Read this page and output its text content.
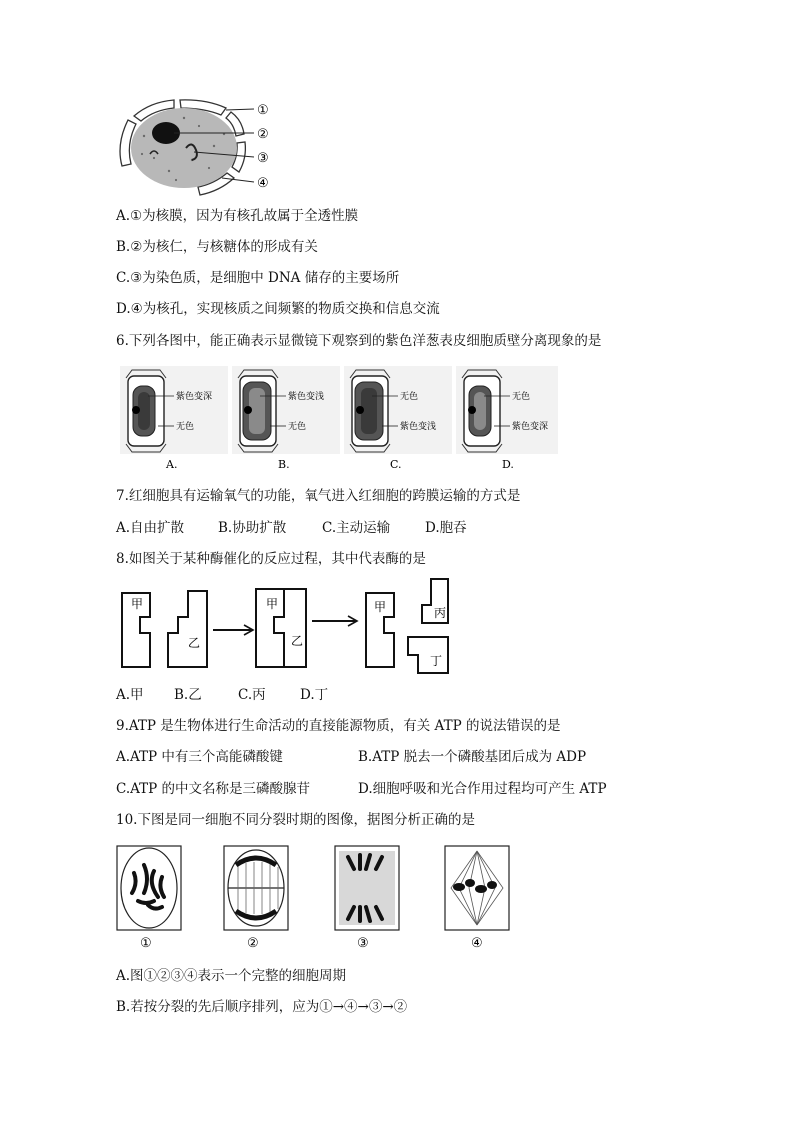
①
②
③
④
A.①为核膜，因为有核孔故属于全透性膜
B.②为核仁，与核糖体的形成有关
C.③为染色质，是细胞中 DNA 储存的主要场所
D.④为核孔，实现核质之间频繁的物质交换和信息交流
6.下列各图中，能正确表示显微镜下观察到的紫色洋葱表皮细胞质壁分离现象的是
紫色变深
无色
A.
紫色变浅
无色
B.
无色
紫色变浅
C.
无色
紫色变深
D.
7.红细胞具有运输氧气的功能，氧气进入红细胞的跨膜运输的方式是
A.自由扩散	B.协助扩散	C.主动运输	D.胞吞
8.如图关于某种酶催化的反应过程，其中代表酶的是
甲
乙
甲
乙
甲	丙
丁
A.甲 B.乙	C.丙	D.丁
9.ATP 是生物体进行生命活动的直接能源物质，有关 ATP 的说法错误的是
A.ATP 中有三个高能磷酸键	B.ATP 脱去一个磷酸基团后成为 ADP
C.ATP 的中文名称是三磷酸腺苷	D.细胞呼吸和光合作用过程均可产生 ATP
10.下图是同一细胞不同分裂时期的图像，据图分析正确的是
①	②	③	④
A.图①②③④表示一个完整的细胞周期
B.若按分裂的先后顺序排列，应为①→④→③→②
